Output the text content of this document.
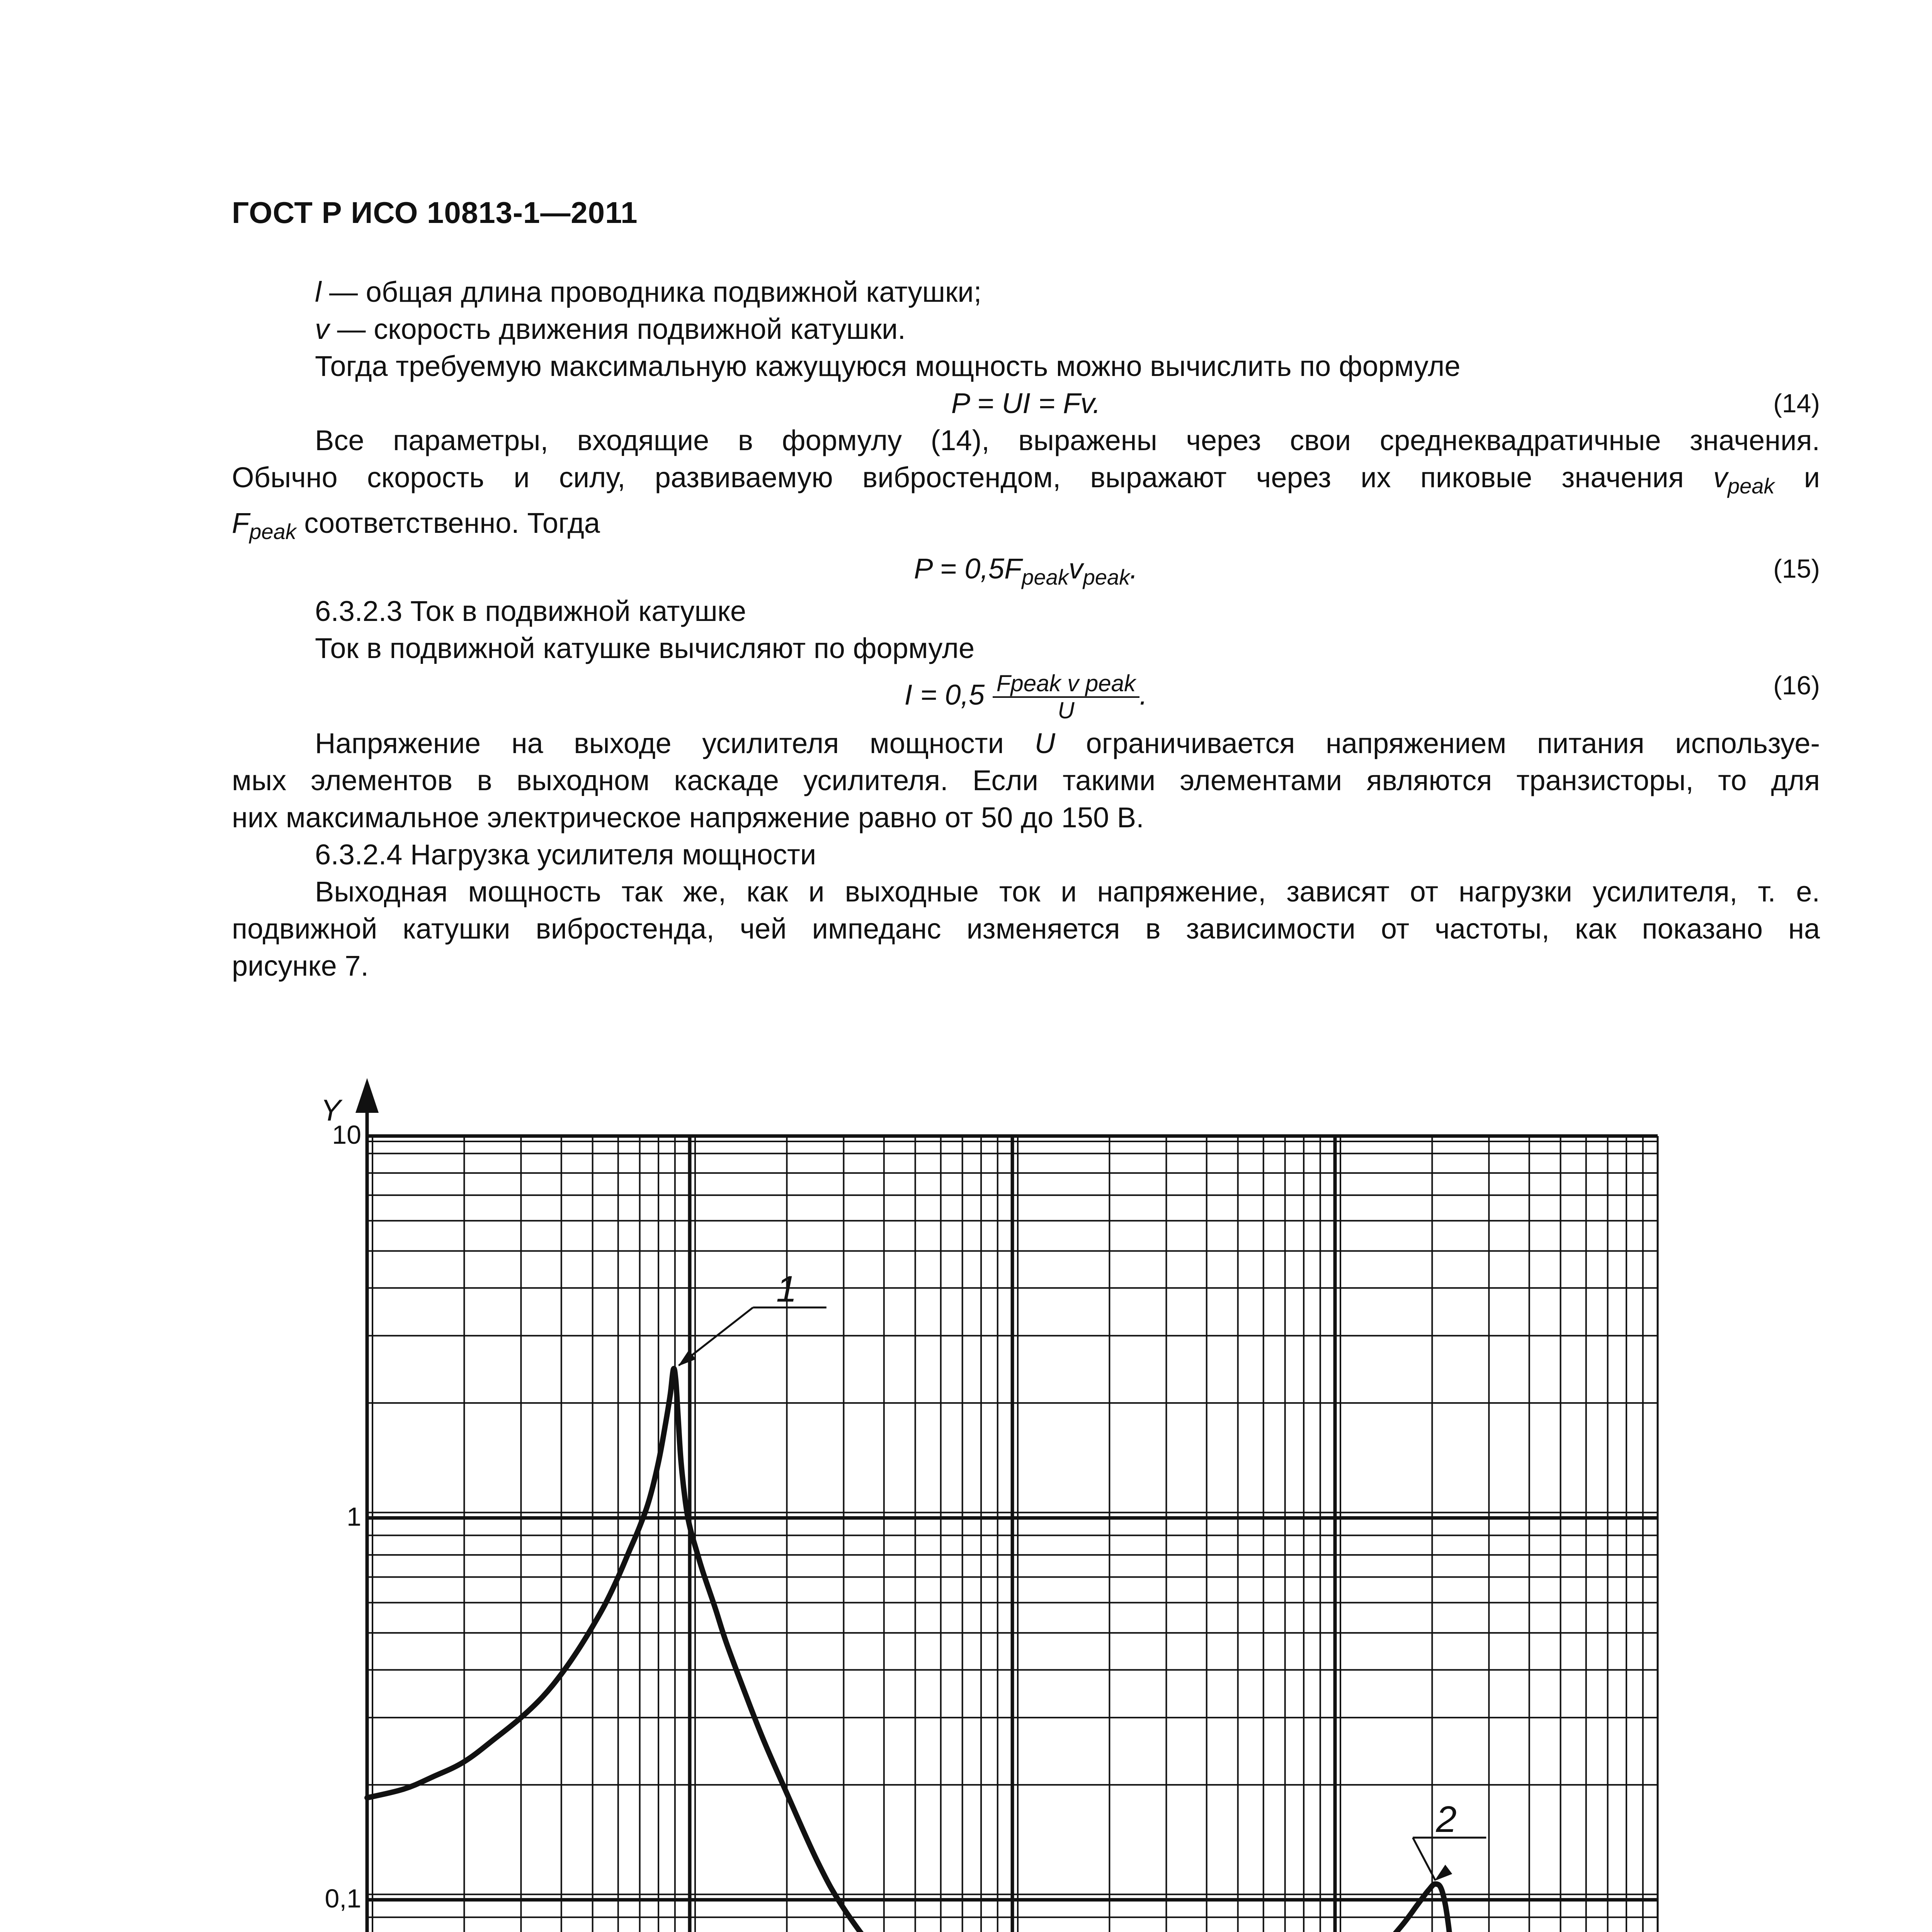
ГОСТ Р ИСО 10813-1—2011
l — общая длина проводника подвижной катушки;
v — скорость движения подвижной катушки.
Тогда требуемую максимальную кажущуюся мощность можно вычислить по формуле
P = UI = Fv.	(14)
Все параметры, входящие в формулу (14), выражены через свои среднеквадратичные значения.
Обычно скорость и силу, развиваемую вибростендом, выражают через их пиковые значения $v_{peak}$ и
$F_{peak}$ соответственно. Тогда
$P = 0,5F_{peak}v_{peak}$.	(15)
6.3.2.3 Ток в подвижной катушке
Ток в подвижной катушке вычисляют по формуле
$I = 0,5 \frac{\text{Fpeak v peak}}{U}$ .	(16)
Напряжение на выходе усилителя мощности U ограничивается напряжением питания используе-
мых элементов в выходном каскаде усилителя. Если такими элементами являются транзисторы, то для
них максимальное электрическое напряжение равно от 50 до 150 В.
6.3.2.4 Нагрузка усилителя мощности
Выходная мощность так же, как и выходные ток и напряжение, зависят от нагрузки усилителя, т. е.
подвижной катушки вибростенда, чей импеданс изменяется в зависимости от частоты, как показано на
рисунке 7.
Y
0,1
1
10
1
2
